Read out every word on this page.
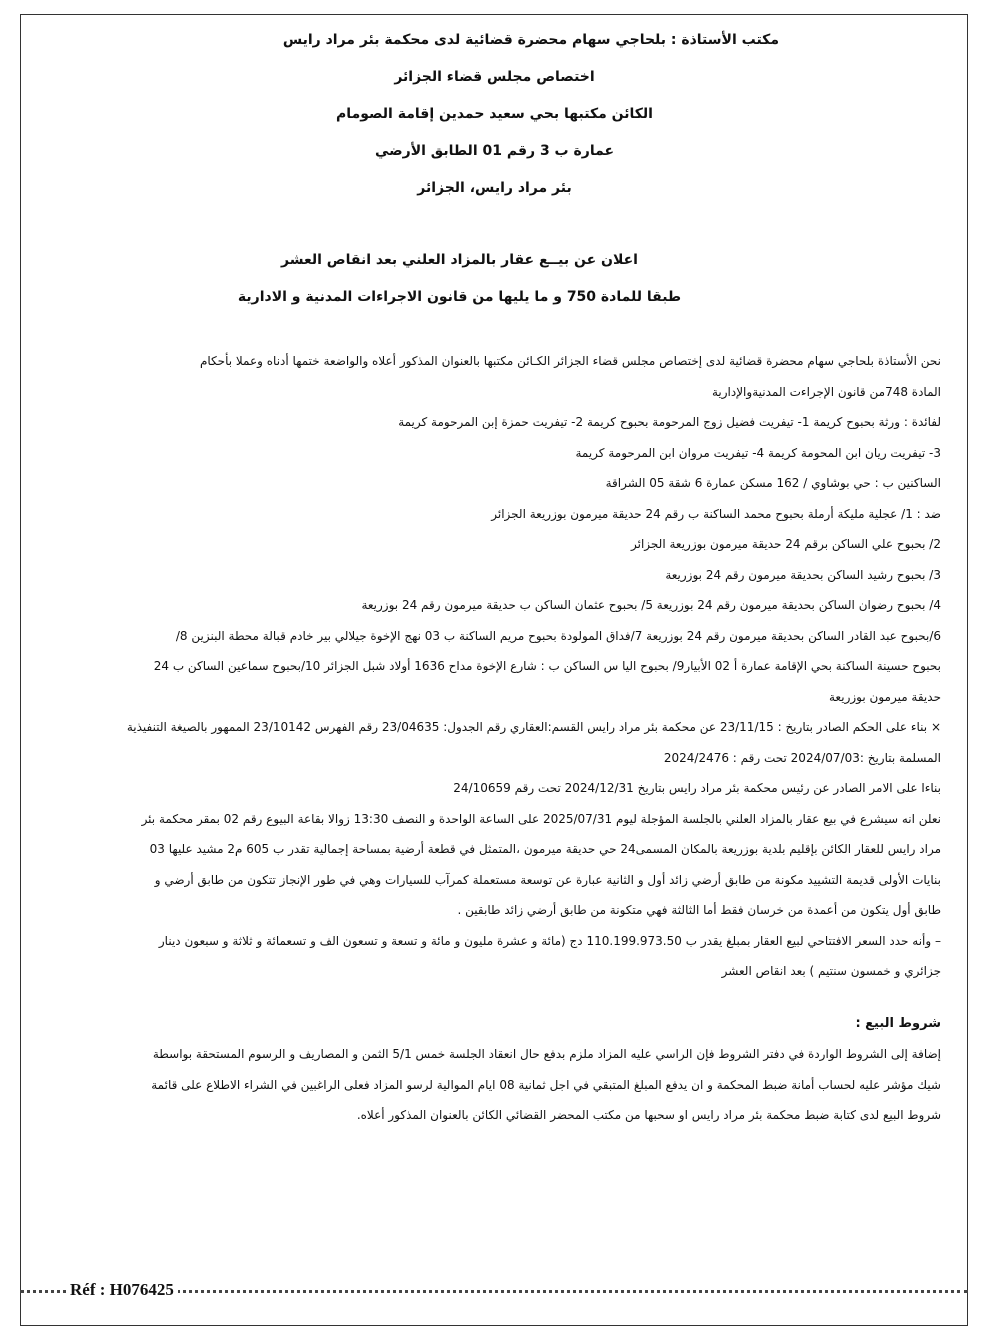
مكتب الأستاذة : بلحاجي سهام محضرة قضائية لدى محكمة بئر مراد رايس
اختصاص مجلس قضاء الجزائر
الكائن مكتبها بحي سعيد حمدين إقامة الصومام
عمارة ب 3 رقم 01 الطابق الأرضي
بئر مراد رايس، الجزائر
اعلان عن بيــع عقار بالمزاد العلني بعد انقاص العشر
طبقا للمادة 750 و ما يليها من قانون الاجراءات المدنية و الادارية

نحن الأستاذة بلحاجي سهام محضرة قضائية لدى إختصاص مجلس قضاء الجزائر الكـائن مكتبها بالعنوان المذكور أعلاه والواضعة ختمها أدناه وعملا بأحكام

المادة 748من قانون الإجراءت المدنيةوالإدارية

لفائدة : ورثة بحبوح كريمة 1- تيفريت فضيل زوج المرحومة بحبوح كريمة 2- تيفريت حمزة إبن المرحومة كريمة

3- تيفريت ريان ابن المحومة كريمة 4- تيفريت مروان ابن المرحومة كريمة

الساكنين ب : حي بوشاوي / 162 مسكن عمارة 6 شقة 05 الشراقة

ضد : 1/ عجلية مليكة أرملة بحبوح محمد الساكنة ب رقم 24 حديقة ميرمون بوزريعة الجزائر

2/ بحبوح علي الساكن برقم 24 حديقة ميرمون بوزريعة الجزائر

3/ بحبوح رشيد الساكن بحديقة ميرمون رقم 24 بوزريعة

4/ بحبوح رضوان الساكن بحديقة ميرمون رقم 24 بوزريعة 5/ بحبوح عثمان الساكن ب حديقة ميرمون رقم 24 بوزريعة

6/بحبوح عبد القادر الساكن بحديقة ميرمون رقم 24 بوزريعة 7/فداق المولودة بحبوح مريم الساكنة ب 03 نهج الإخوة جيلالي بير خادم قبالة محطة البنزين 8/

بحبوح حسينة الساكنة بحي الإقامة عمارة أ 02 الأبيار9/ بحبوح اليا س الساكن ب : شارع الإخوة مداح 1636 أولاد شبل الجزائر 10/بحبوح سماعين الساكن ب 24

حديقة ميرمون بوزريعة

× بناء على الحكم الصادر بتاريخ : 23/11/15 عن محكمة بئر مراد رايس القسم:العقاري رقم الجدول: 23/04635 رقم الفهرس 23/10142 الممهور بالصيغة التنفيذية

المسلمة بتاريخ :2024/07/03 تحت رقم : 2024/2476

بناءا على الامر الصادر عن رئيس محكمة بئر مراد رايس بتاريخ 2024/12/31 تحت رقم 24/10659

نعلن انه سيشرع في بيع عقار بالمزاد العلني بالجلسة المؤجلة ليوم 2025/07/31 على الساعة الواحدة و النصف 13:30 زوالا بقاعة البيوع رقم 02 بمقر محكمة بئر

مراد رايس للعقار الكائن بإقليم بلدية بوزريعة بالمكان المسمى24 حي حديقة ميرمون ،المتمثل في قطعة أرضية بمساحة إجمالية تقدر ب 605 م2 مشيد عليها 03

بنايات الأولى قديمة التشييد مكونة من طابق أرضي زائد أول و الثانية عبارة عن توسعة مستعملة كمرآب للسيارات وهي في طور الإنجاز تتكون من طابق أرضي و

طابق أول يتكون من أعمدة من خرسان فقط أما الثالثة فهي متكونة من طابق أرضي زائد طابقين .

– وأنه حدد السعر الافتتاحي لبيع العقار بمبلغ يقدر ب 110.199.973.50 دج (مائة و عشرة مليون و مائة و تسعة و تسعون الف و تسعمائة و ثلاثة و سبعون دينار

جزائري و خمسون سنتيم ) بعد انقاص العشر

شروط البيع :

إضافة إلى الشروط الواردة في دفتر الشروط فإن الراسي عليه المزاد ملزم بدفع حال انعقاد الجلسة خمس 5/1 الثمن و المصاريف و الرسوم المستحقة بواسطة

شيك مؤشر عليه لحساب أمانة ضبط المحكمة و ان يدفع المبلغ المتبقي في اجل ثمانية 08 ايام الموالية لرسو المزاد فعلى الراغبين في الشراء الاطلاع على قائمة

شروط البيع لدى كتابة ضبط محكمة بئر مراد رايس او سحبها من مكتب المحضر القضائي الكائن بالعنوان المذكور أعلاه.

Réf : H076425
